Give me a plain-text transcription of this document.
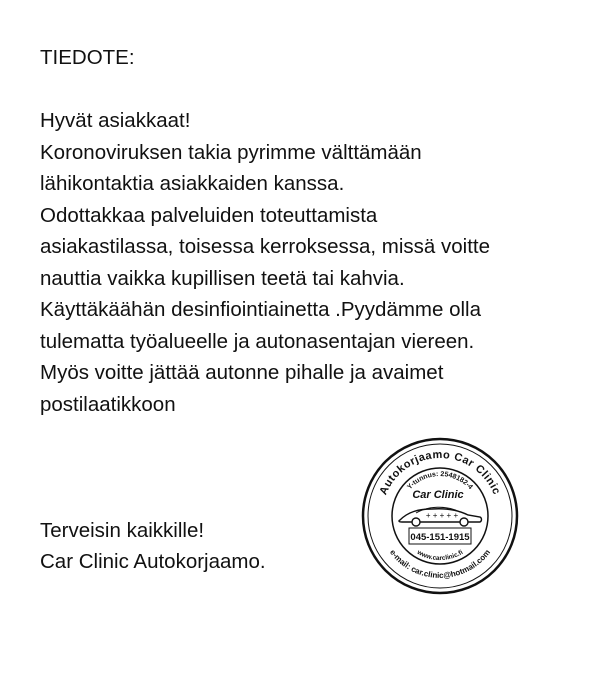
TIEDOTE:
Hyvät asiakkaat!
Koronoviruksen takia pyrimme välttämään
lähikontaktia asiakkaiden kanssa.
Odottakkaa palveluiden toteuttamista
asiakastilassa, toisessa kerroksessa, missä voitte
nauttia vaikka kupillisen teetä tai kahvia.
Käyttäkäähän desinfiointiainetta .Pyydämme olla
tulematta työalueelle ja autonasentajan viereen.
Myös voitte jättää autonne pihalle ja avaimet
postilaatikkoon
Terveisin kaikkille!
Car Clinic Autokorjaamo.
Autokorjaamo Car Clinic
e-mail: car.clinic@hotmail.com
Y-tunnus: 2548182-4
www.carclinic.fi
Car Clinic
+ + + + +
045-151-1915
